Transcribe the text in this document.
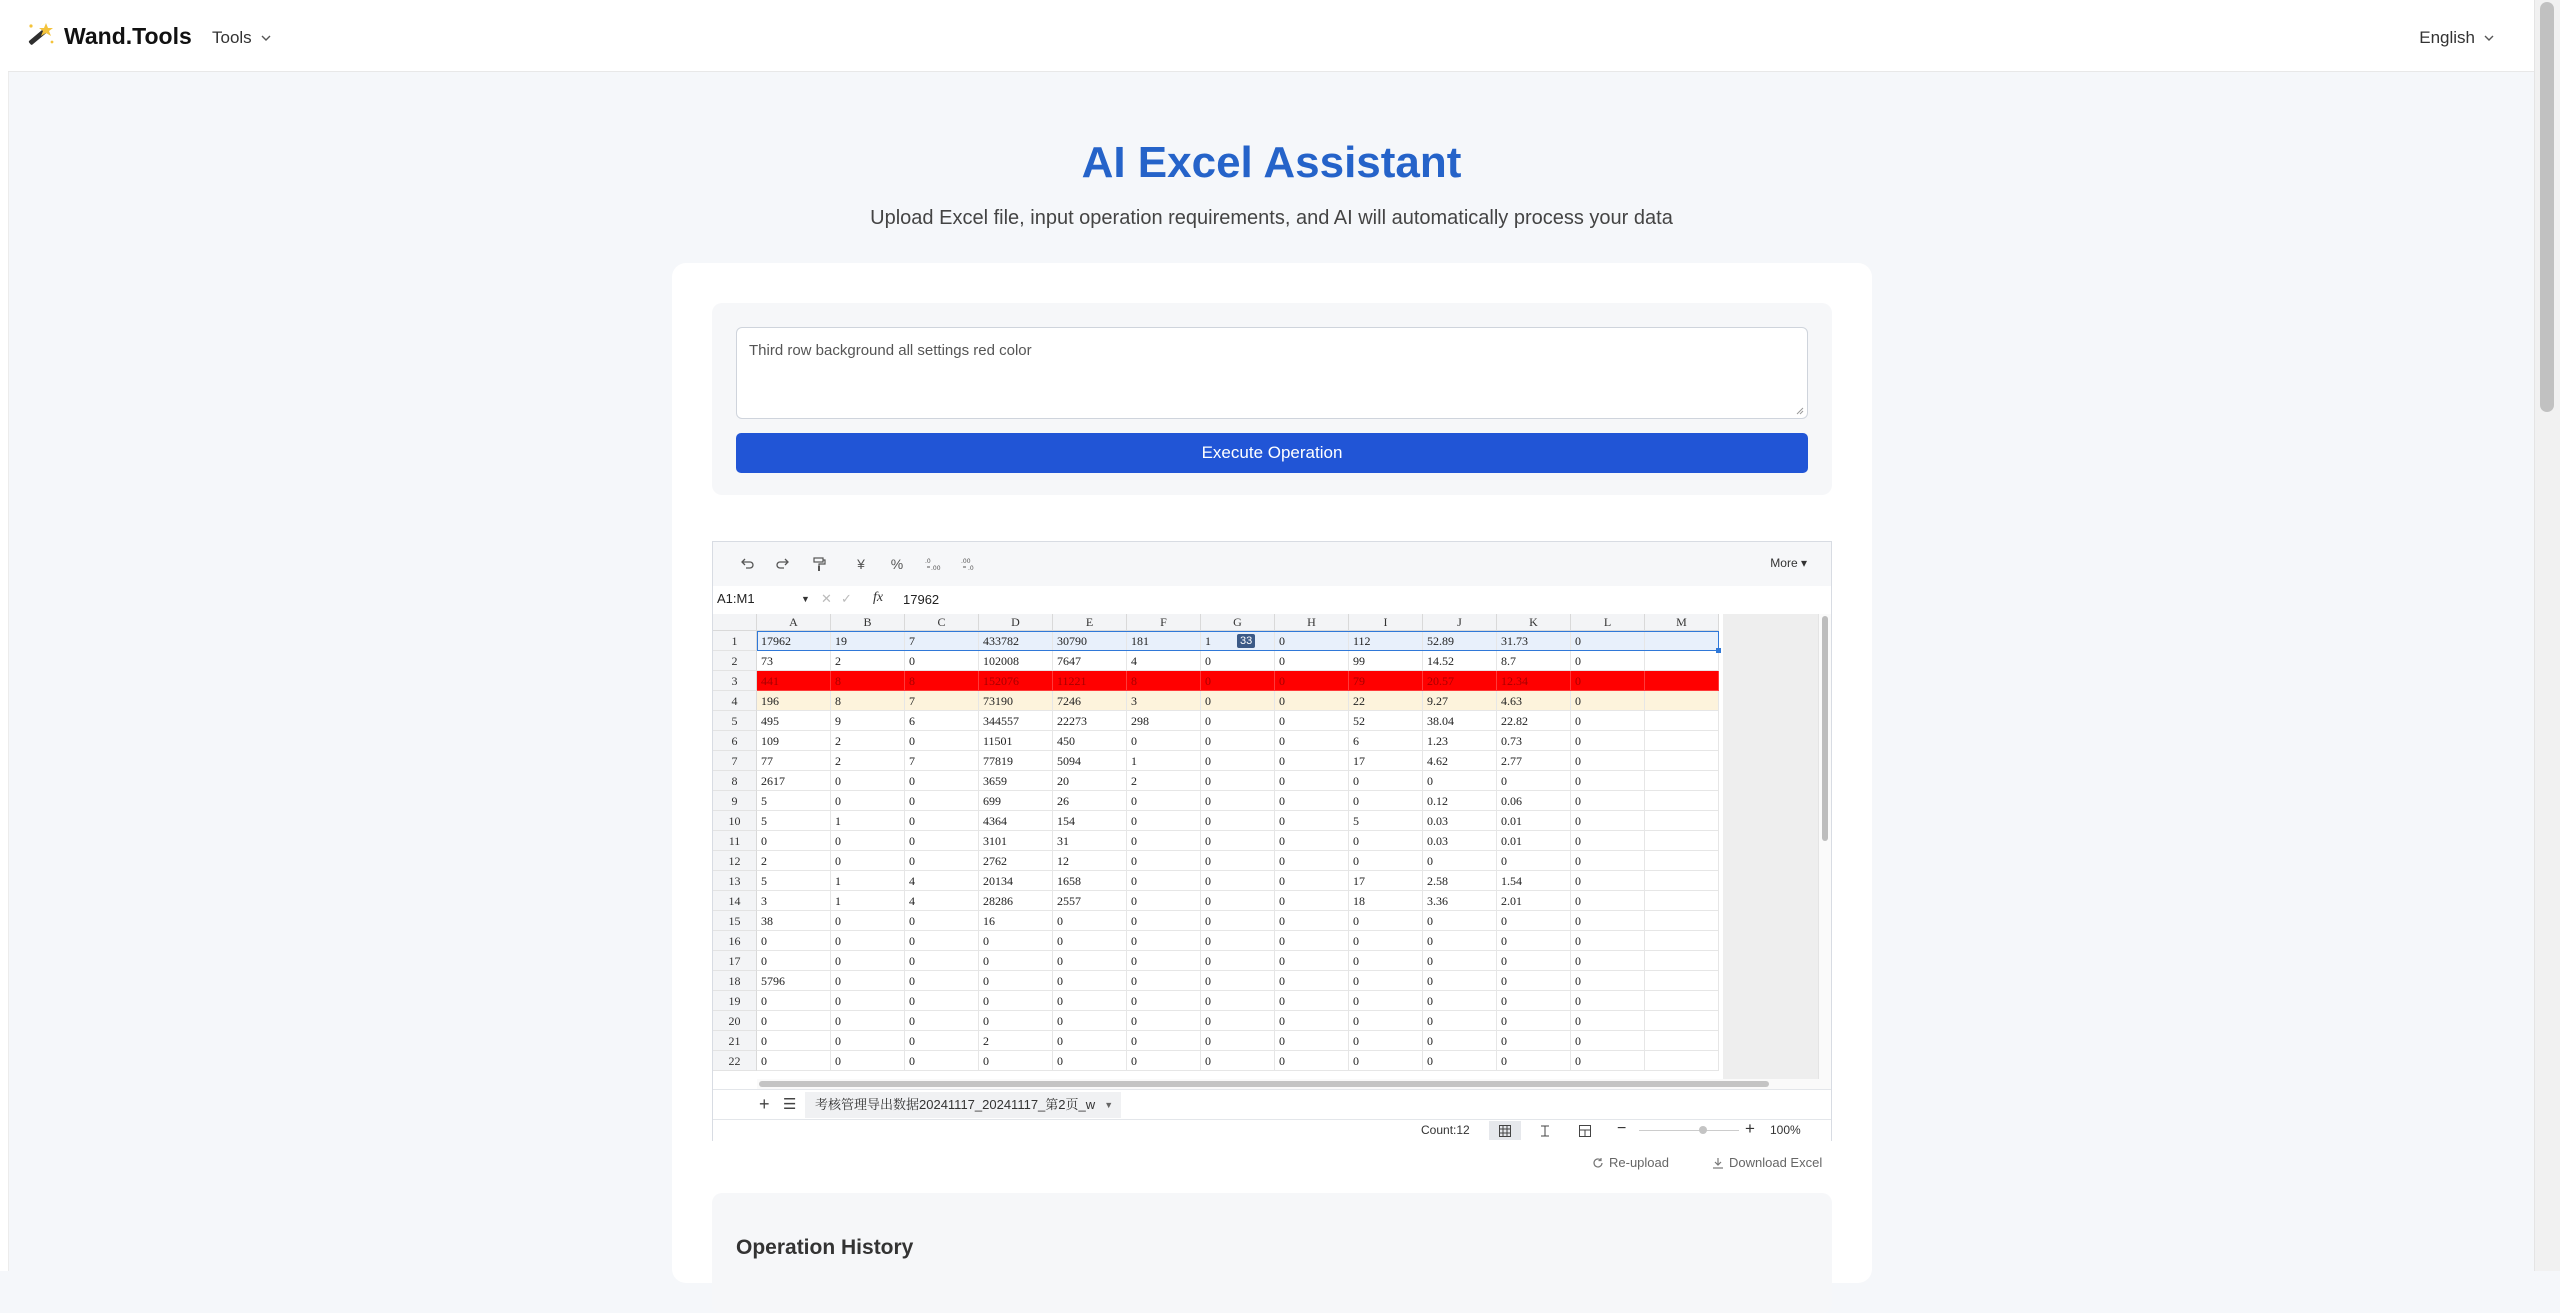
Wand.Tools Tools	English
AI Excel Assistant
Upload Excel file, input operation requirements, and AI will automatically process your data
Third row background all settings red color
Execute Operation
¥	%	.0
.00
.00
.0	More ▾
A1:M1	▼ ✕ ✓ fx 17962
A	B	C	D	E	F	G	H	I	J	K	L	M
1	17962	19	7	433782	30790	181	1	0	112	52.89	31.73	0
2	73	2	0	102008	7647	4	0	0	99	14.52	8.7	0
3	441	8	8	152076	11221	8	0	0	79	20.57	12.34	0
4	196	8	7	73190	7246	3	0	0	22	9.27	4.63	0
5	495	9	6	344557	22273	298	0	0	52	38.04	22.82	0
6	109	2	0	11501	450	0	0	0	6	1.23	0.73	0
7	77	2	7	77819	5094	1	0	0	17	4.62	2.77	0
8	2617	0	0	3659	20	2	0	0	0	0	0	0
9	5	0	0	699	26	0	0	0	0	0.12	0.06	0
10	5	1	0	4364	154	0	0	0	5	0.03	0.01	0
11	0	0	0	3101	31	0	0	0	0	0.03	0.01	0
12	2	0	0	2762	12	0	0	0	0	0	0	0
13	5	1	4	20134	1658	0	0	0	17	2.58	1.54	0
14	3	1	4	28286	2557	0	0	0	18	3.36	2.01	0
15	38	0	0	16	0	0	0	0	0	0	0	0
16	0	0	0	0	0	0	0	0	0	0	0	0
17	0	0	0	0	0	0	0	0	0	0	0	0
18	5796	0	0	0	0	0	0	0	0	0	0	0
19	0	0	0	0	0	0	0	0	0	0	0	0
20	0	0	0	0	0	0	0	0	0	0	0	0
21	0	0	0	2	0	0	0	0	0	0	0	0
22	0	0	0	0	0	0	0	0	0	0	0	0
33
+ ☰	考核管理导出数据20241117_20241117_第2页_w ▼
Count:12	−	+ 100%
Re-upload	Download Excel
Operation History
